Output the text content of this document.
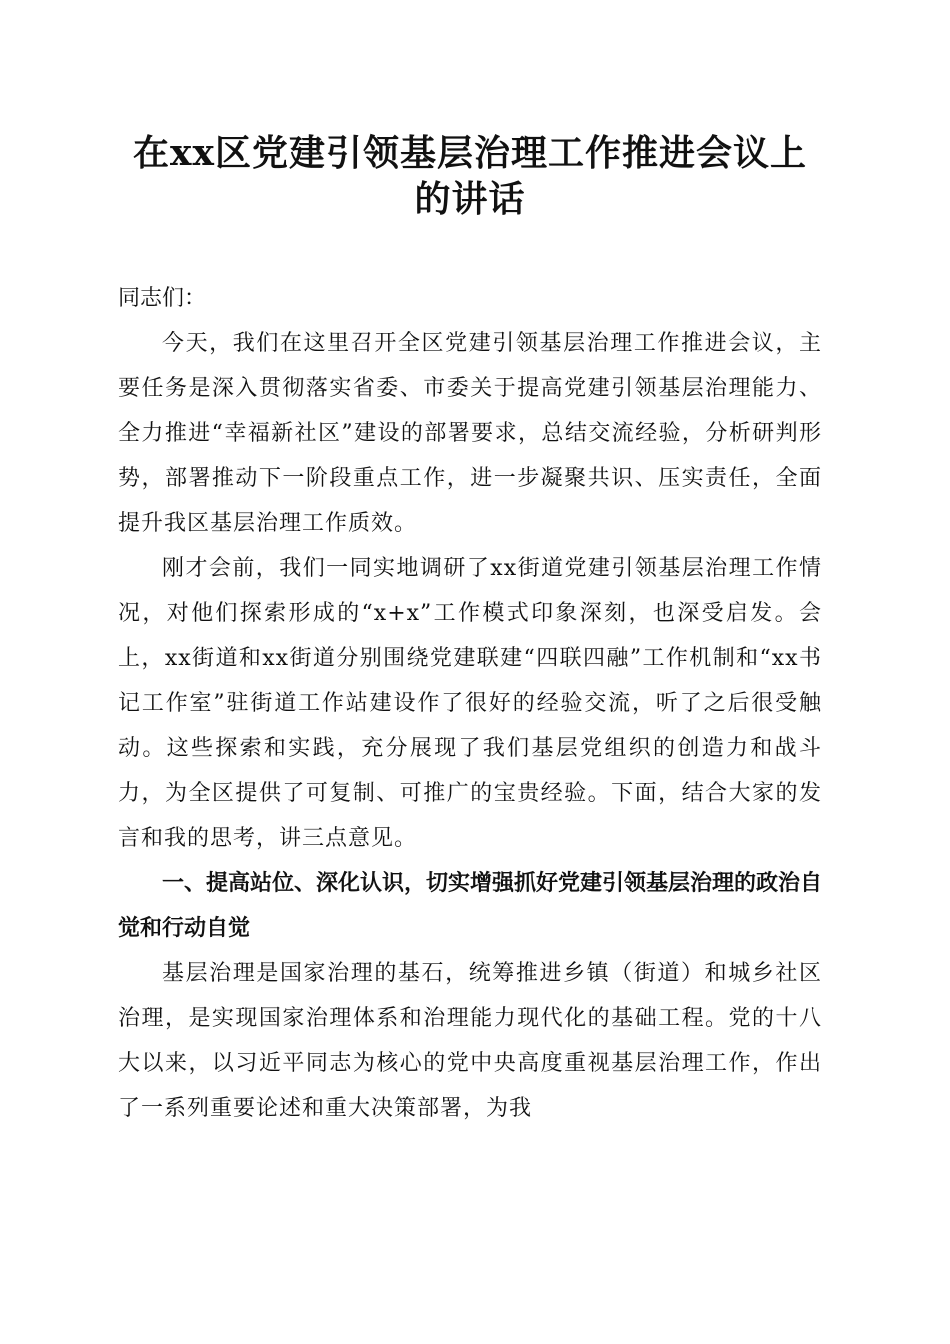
在xx区党建引领基层治理工作推进会议上的讲话

同志们：

今天，我们在这里召开全区党建引领基层治理工作推进会议，主要任务是深入贯彻落实省委、市委关于提高党建引领基层治理能力、全力推进“幸福新社区”建设的部署要求，总结交流经验，分析研判形势，部署推动下一阶段重点工作，进一步凝聚共识、压实责任，全面提升我区基层治理工作质效。

刚才会前，我们一同实地调研了xx街道党建引领基层治理工作情况，对他们探索形成的“x+x”工作模式印象深刻，也深受启发。会上，xx街道和xx街道分别围绕党建联建“四联四融”工作机制和“xx书记工作室”驻街道工作站建设作了很好的经验交流，听了之后很受触动。这些探索和实践，充分展现了我们基层党组织的创造力和战斗力，为全区提供了可复制、可推广的宝贵经验。下面，结合大家的发言和我的思考，讲三点意见。

一、提高站位、深化认识，切实增强抓好党建引领基层治理的政治自觉和行动自觉

基层治理是国家治理的基石，统筹推进乡镇（街道）和城乡社区治理，是实现国家治理体系和治理能力现代化的基础工程。党的十八大以来，以习近平同志为核心的党中央高度重视基层治理工作，作出了一系列重要论述和重大决策部署，为我
